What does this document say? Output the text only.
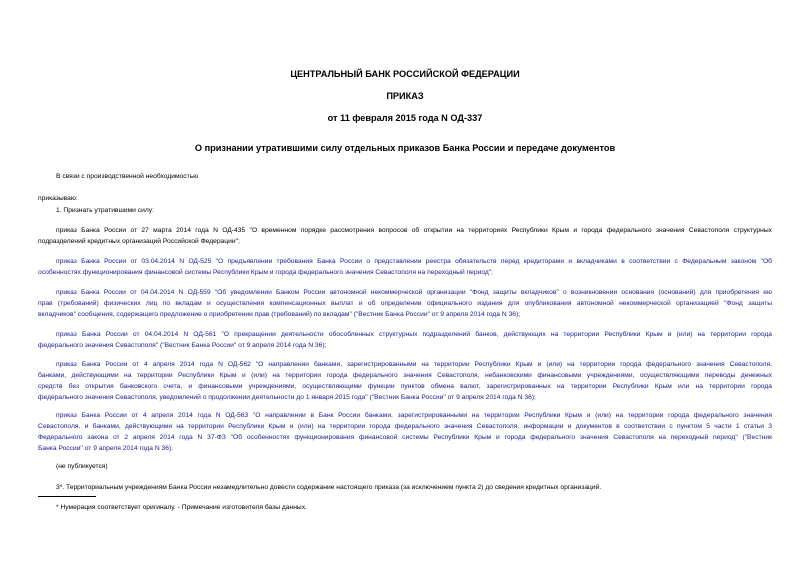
ЦЕНТРАЛЬНЫЙ БАНК РОССИЙСКОЙ ФЕДЕРАЦИИ
ПРИКАЗ
от 11 февраля 2015 года N ОД-337
О признании утратившими силу отдельных приказов Банка России и передаче документов
В связи с производственной необходимостью
приказываю:
1. Признать утратившими силу:
приказ Банка России от 27 марта 2014 года N ОД-435 "О временном порядке рассмотрения вопросов об открытии на территориях Республики Крым и города федерального значения Севастополя структурных
подразделений кредитных организаций Российской Федерации";
приказ Банка России от 03.04.2014 N ОД-525 "О предъявлении требования Банка России о представлении реестра обязательств перед кредиторами и вкладчиками в соответствии с Федеральным законом "Об
особенностях функционирования финансовой системы Республики Крым и города федерального значения Севастополя на переходный период";
приказ Банка России от 04.04.2014 N ОД-559 "Об уведомлении Банком России автономной некоммерческой организации "Фонд защиты вкладчиков" о возникновении основания (оснований) для приобретения ею
прав (требований) физических лиц по вкладам и осуществления компенсационных выплат и об определении официального издания для опубликования автономной некоммерческой организацией "Фонд защиты
вкладчиков" сообщения, содержащего предложение о приобретении прав (требований) по вкладам" ("Вестник Банка России" от 9 апреля 2014 года N 36);
приказ Банка России от 04.04.2014 N ОД-561 "О прекращении деятельности обособленных структурных подразделений банков, действующих на территории Республики Крым и (или) на территории города
федерального значения Севастополя" ("Вестник Банка России" от 9 апреля 2014 года N 36);
приказ Банка России от 4 апреля 2014 года N ОД-562 "О направлении банками, зарегистрированными на территории Республики Крым и (или) на территории города федерального значения Севастополя,
банками, действующими на территории Республики Крым и (или) на территории города федерального значения Севастополя, небанковскими финансовыми учреждениями, осуществляющими переводы денежных
средств без открытия банковского счета, и финансовыми учреждениями, осуществляющими функции пунктов обмена валют, зарегистрированных на территории Республики Крым или на территории города
федерального значения Севастополя, уведомлений о продолжении деятельности до 1 января 2015 года" ("Вестник Банка России" от 9 апреля 2014 года N 36);
приказ Банка России от 4 апреля 2014 года N ОД-563 "О направлении в Банк России банками, зарегистрированными на территории Республики Крым и (или) на территории города федерального значения
Севастополя, и банками, действующими на территории Республики Крым и (или) на территории города федерального значения Севастополя, информации и документов в соответствии с пунктом 5 части 1 статьи 3
Федерального закона от 2 апреля 2014 года N 37-ФЗ "Об особенностях функционирования финансовой системы Республики Крым и города федерального значения Севастополя на переходный период" ("Вестник
Банка России" от 9 апреля 2014 года N 36).
(не публикуется)
3*. Территориальным учреждениям Банка России незамедлительно довести содержание настоящего приказа (за исключением пункта 2) до сведения кредитных организаций.
* Нумерация соответствует оригиналу. - Примечание изготовителя базы данных.
